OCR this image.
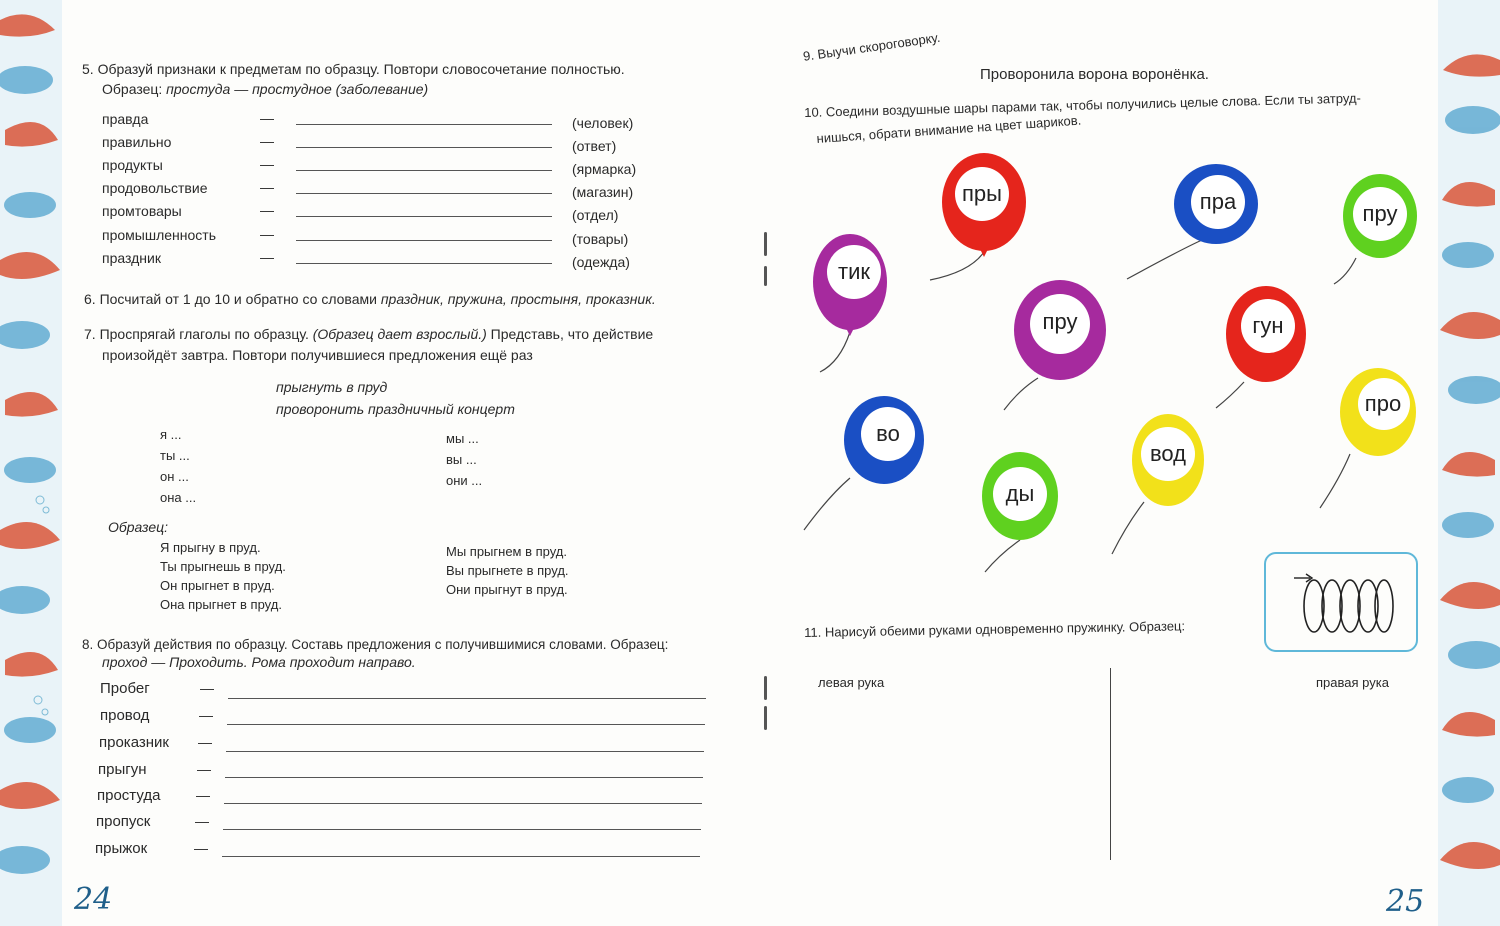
5. Образуй признаки к предметам по образцу. Повтори словосочетание полностью.
Образец: простуда — простудное (заболевание)
правда	—	(человек)
правильно	—	(ответ)
продукты	—	(ярмарка)
продовольствие	—	(магазин)
промтовары	—	(отдел)
промышленность	—	(товары)
праздник	—	(одежда)
6. Посчитай от 1 до 10 и обратно со словами праздник, пружина, простыня, проказник.
7. Проспрягай глаголы по образцу. (Образец дает взрослый.) Представь, что действие
произойдёт завтра. Повтори получившиеся предложения ещё раз
прыгнуть в пруд
проворонить праздничный концерт
я ...
ты ...
он ...
она ...
мы ...
вы ...
они ...
Образец:
Я прыгну в пруд.
Ты прыгнешь в пруд.
Он прыгнет в пруд.
Она прыгнет в пруд.
Мы прыгнем в пруд.
Вы прыгнете в пруд.
Они прыгнут в пруд.
8. Образуй действия по образцу. Составь предложения с получившимися словами. Образец:
проход — Проходить. Рома проходит направо.
Пробег	—
провод	—
проказник —
прыгун	—
простуда	—
пропуск	—
прыжок	—
24
9. Выучи скороговорку.
Проворонила ворона воронёнка.
10. Соедини воздушные шары парами так, чтобы получились целые слова. Если ты затруд-
нишься, обрати внимание на цвет шариков.
тик
пры	пра	пру
пру	гун
во
вод
ды
про
11. Нарисуй обеими руками одновременно пружинку. Образец:
левая рука	правая рука
25
